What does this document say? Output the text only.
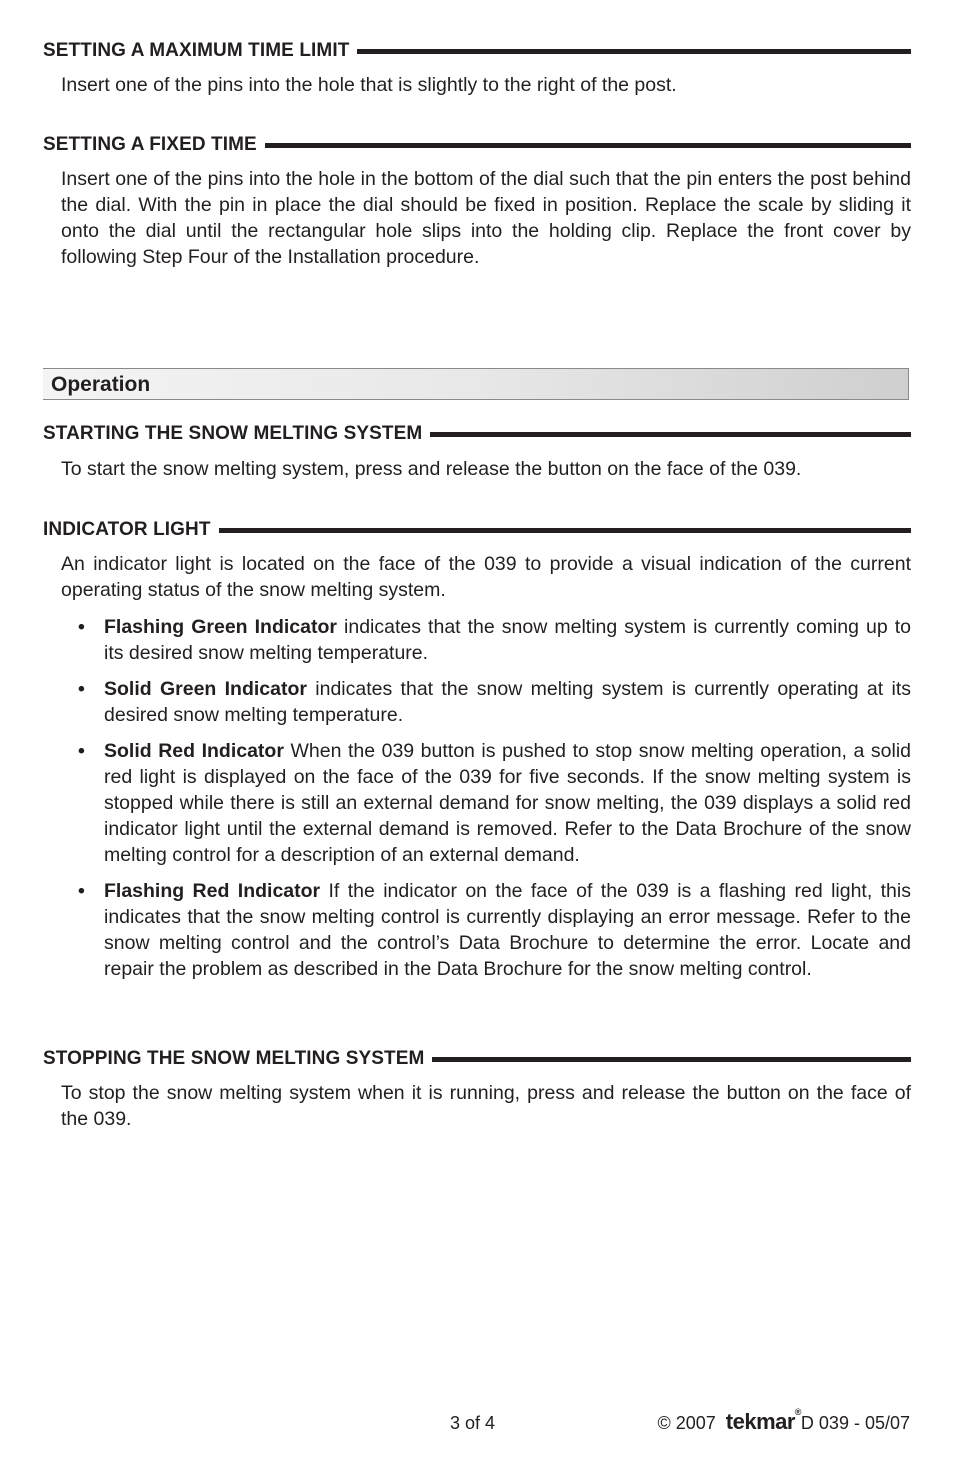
SETTING A MAXIMUM TIME LIMIT

Insert one of the pins into the hole that is slightly to the right of the post.

SETTING A FIXED TIME

Insert one of the pins into the hole in the bottom of the dial such that the pin enters the post behind the dial. With the pin in place the dial should be fixed in position. Replace the scale by sliding it onto the dial until the rectangular hole slips into the holding clip. Replace the front cover by following Step Four of the Installation procedure.

Operation
STARTING THE SNOW MELTING SYSTEM

To start the snow melting system, press and release the button on the face of the 039.

INDICATOR LIGHT

An indicator light is located on the face of the 039 to provide a visual indication of the current operating status of the snow melting system.

• Flashing Green Indicator indicates that the snow melting system is currently coming up to its desired snow melting temperature.
• Solid Green Indicator indicates that the snow melting system is currently operating at its desired snow melting temperature.
• Solid Red Indicator When the 039 button is pushed to stop snow melting operation, a solid red light is displayed on the face of the 039 for five seconds. If the snow melting system is stopped while there is still an external demand for snow melting, the 039 displays a solid red indicator light until the external demand is removed. Refer to the Data Brochure of the snow melting control for a description of an external demand.
• Flashing Red Indicator If the indicator on the face of the 039 is a flashing red light, this indicates that the snow melting control is currently displaying an error message. Refer to the snow melting control and the control’s Data Brochure to determine the error. Locate and repair the problem as described in the Data Brochure for the snow melting control.
STOPPING THE SNOW MELTING SYSTEM

To stop the snow melting system when it is running, press and release the button on the face of the 039.

3 of 4	© 2007 tekmar ®
D 039 - 05/07
